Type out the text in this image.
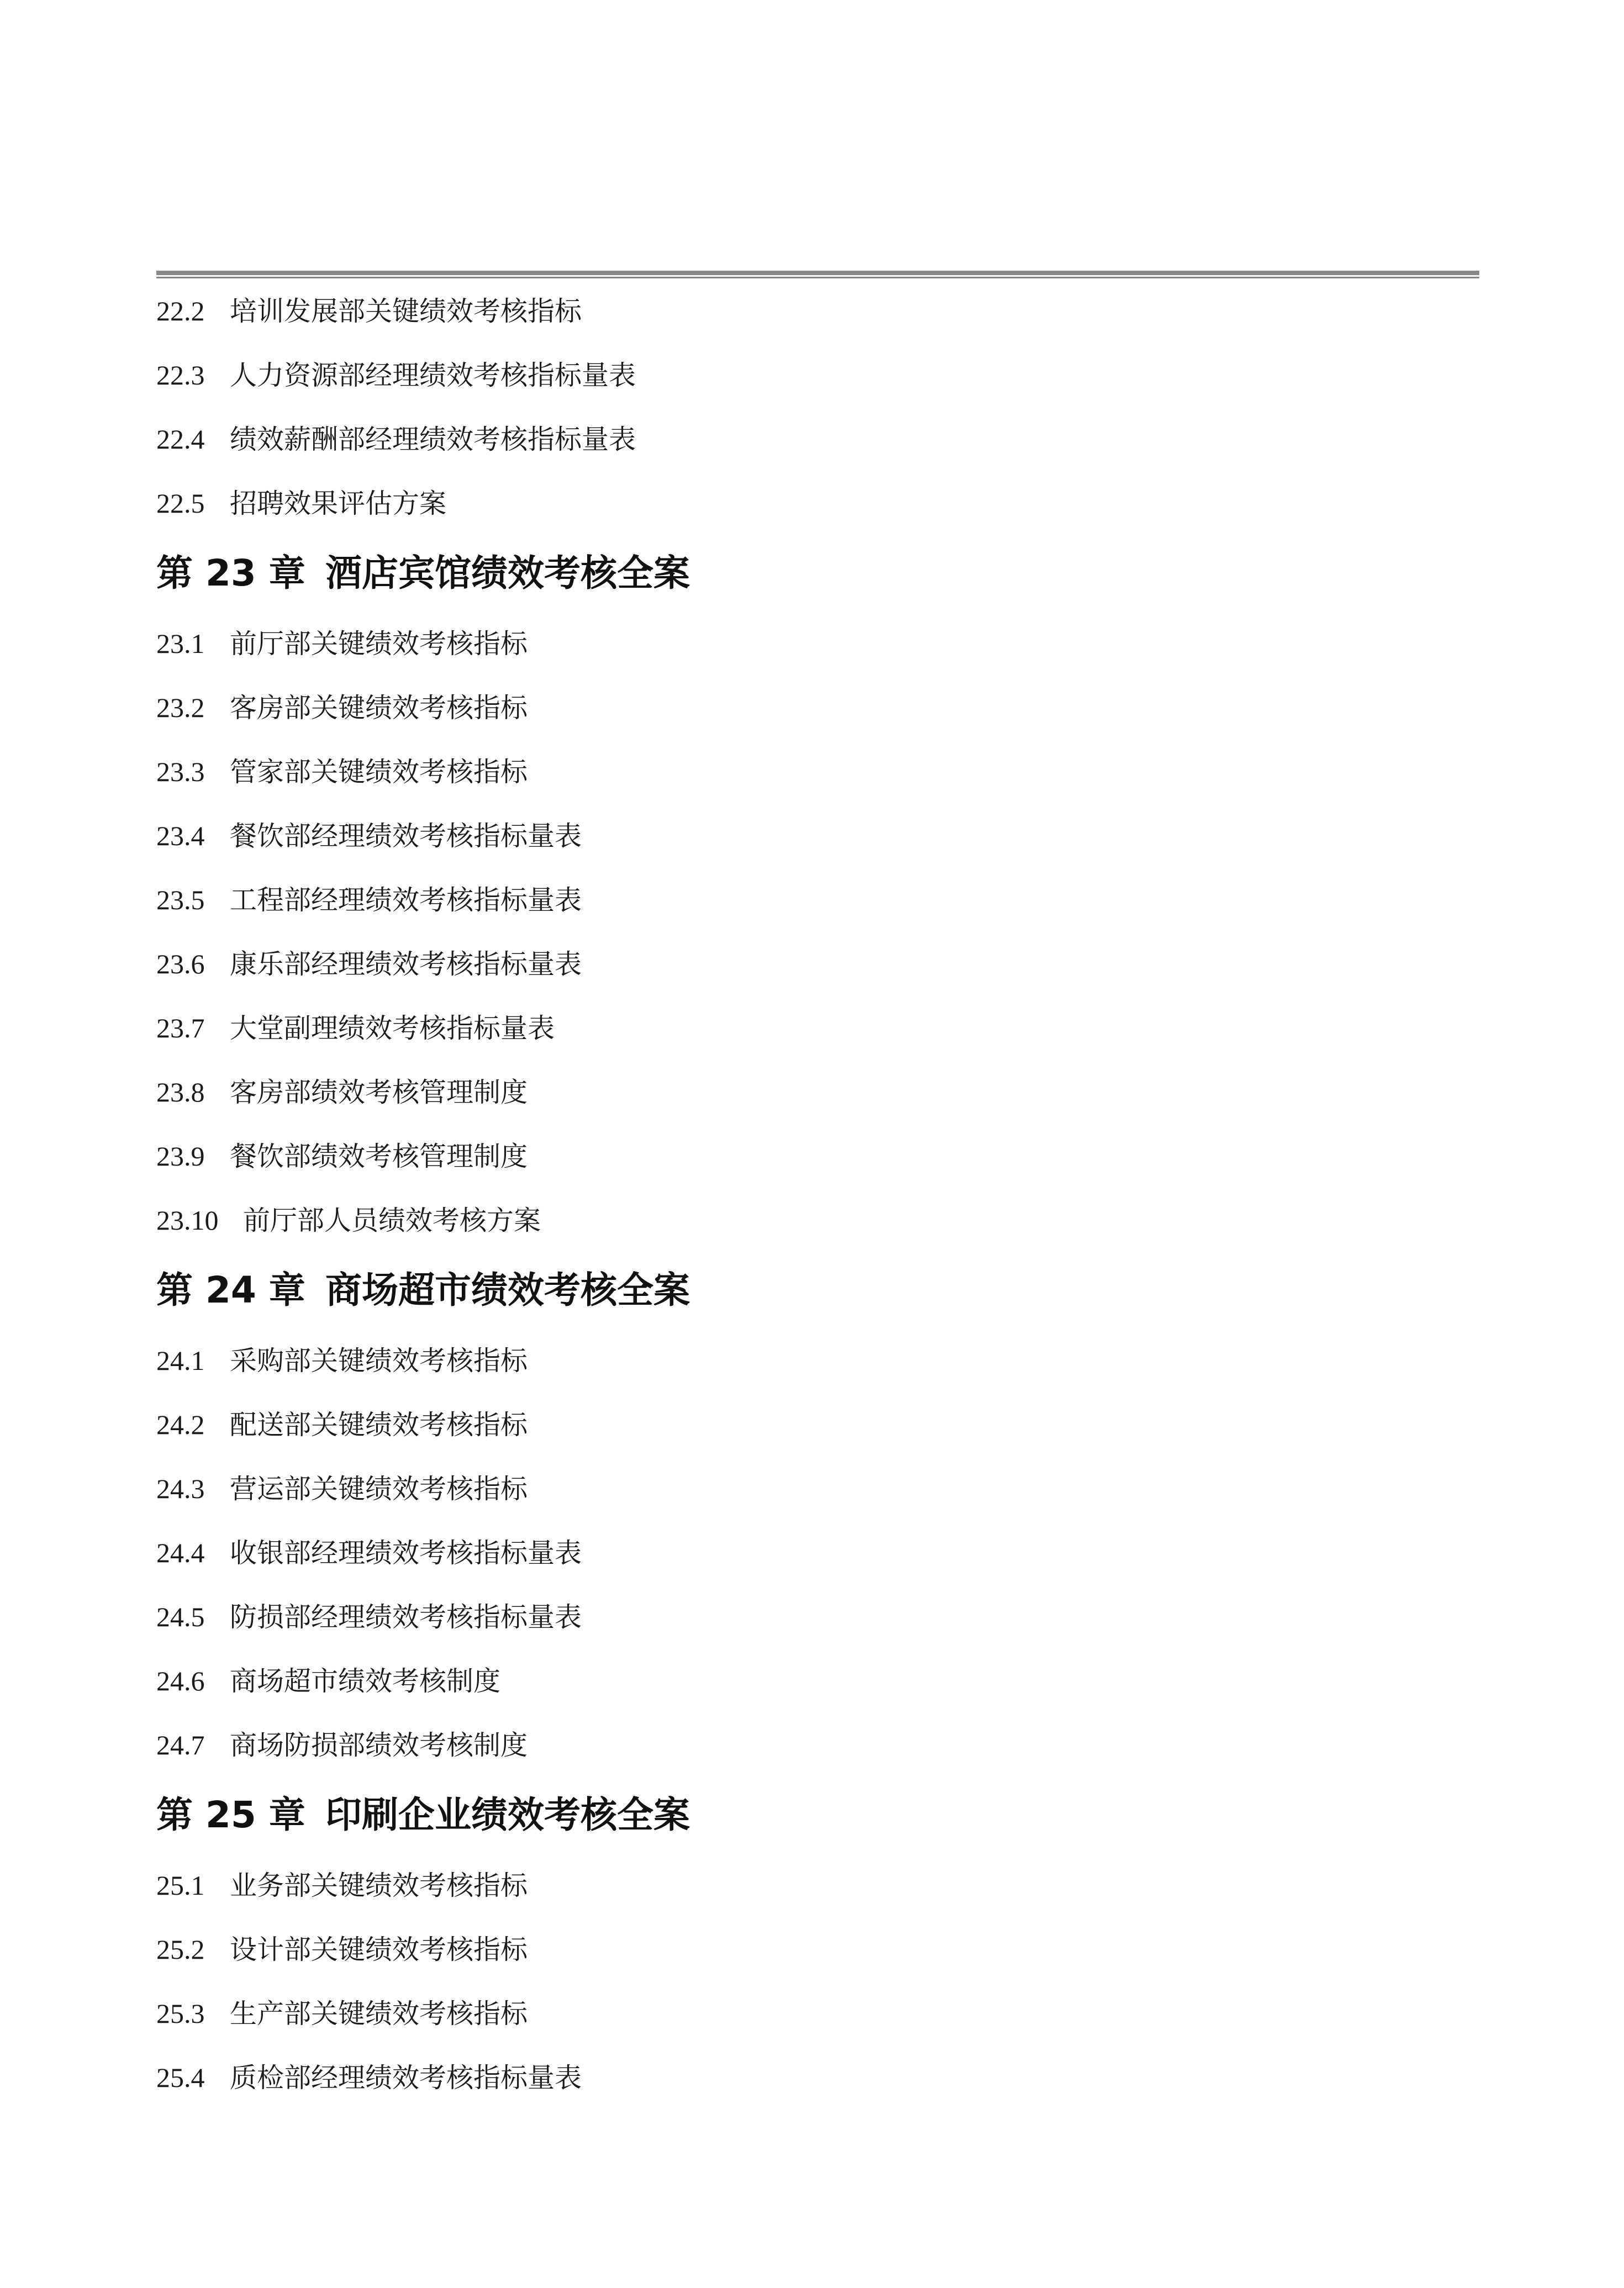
22.2 培训发展部关键绩效考核指标
22.3 人力资源部经理绩效考核指标量表
22.4 绩效薪酬部经理绩效考核指标量表
22.5 招聘效果评估方案
第 23 章 酒店宾馆绩效考核全案
23.1 前厅部关键绩效考核指标
23.2 客房部关键绩效考核指标
23.3 管家部关键绩效考核指标
23.4 餐饮部经理绩效考核指标量表
23.5 工程部经理绩效考核指标量表
23.6 康乐部经理绩效考核指标量表
23.7 大堂副理绩效考核指标量表
23.8 客房部绩效考核管理制度
23.9 餐饮部绩效考核管理制度
23.10 前厅部人员绩效考核方案
第 24 章 商场超市绩效考核全案
24.1 采购部关键绩效考核指标
24.2 配送部关键绩效考核指标
24.3 营运部关键绩效考核指标
24.4 收银部经理绩效考核指标量表
24.5 防损部经理绩效考核指标量表
24.6 商场超市绩效考核制度
24.7 商场防损部绩效考核制度
第 25 章 印刷企业绩效考核全案
25.1 业务部关键绩效考核指标
25.2 设计部关键绩效考核指标
25.3 生产部关键绩效考核指标
25.4 质检部经理绩效考核指标量表
